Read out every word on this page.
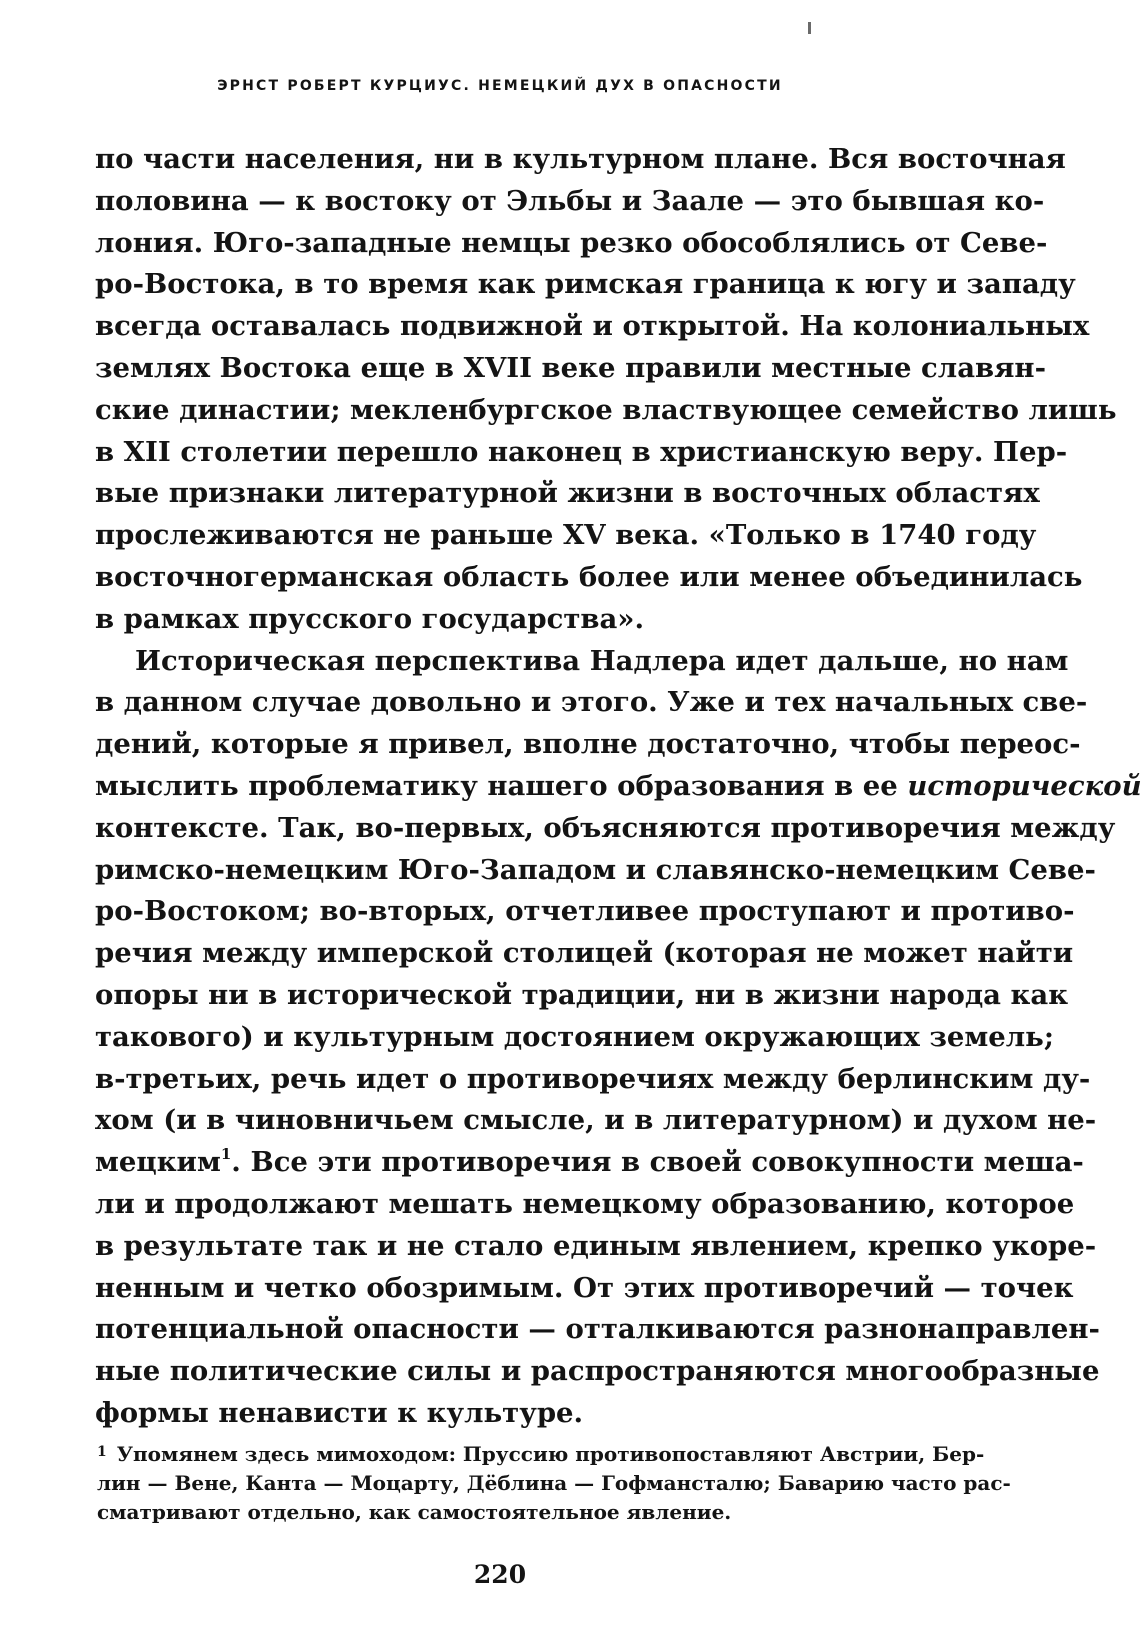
ЭРНСТ РОБЕРТ КУРЦИУС. НЕМЕЦКИЙ ДУХ В ОПАСНОСТИ
по части населения, ни в культурном плане. Вся восточная
половина — к востоку от Эльбы и Заале — это бывшая ко-
лония. Юго-западные немцы резко обособлялись от Севе-
ро-Востока, в то время как римская граница к югу и западу
всегда оставалась подвижной и открытой. На колониальных
землях Востока еще в XVII веке правили местные славян-
ские династии; мекленбургское властвующее семейство лишь
в XII столетии перешло наконец в христианскую веру. Пер-
вые признаки литературной жизни в восточных областях
прослеживаются не раньше XV века. «Только в 1740 году
восточногерманская область более или менее объединилась
в рамках прусского государства».
Историческая перспектива Надлера идет дальше, но нам
в данном случае довольно и этого. Уже и тех начальных све-
дений, которые я привел, вполне достаточно, чтобы переос-
мыслить проблематику нашего образования в ее исторической
контексте. Так, во-первых, объясняются противоречия между
римско-немецким Юго-Западом и славянско-немецким Севе-
ро-Востоком; во-вторых, отчетливее проступают и противо-
речия между имперской столицей (которая не может найти
опоры ни в исторической традиции, ни в жизни народа как
такового) и культурным достоянием окружающих земель;
в-третьих, речь идет о противоречиях между берлинским ду-
хом (и в чиновничьем смысле, и в литературном) и духом не-
мецким$^1$. Все эти противоречия в своей совокупности меша-
ли и продолжают мешать немецкому образованию, которое
в результате так и не стало единым явлением, крепко укоре-
ненным и четко обозримым. От этих противоречий — точек
потенциальной опасности — отталкиваются разнонаправлен-
ные политические силы и распространяются многообразные
формы ненависти к культуре.
$^1$ Упомянем здесь мимоходом: Пруссию противопоставляют Австрии, Бер-
лин — Вене, Канта — Моцарту, Дёблина — Гофмансталю; Баварию часто рас-
сматривают отдельно, как самостоятельное явление.
220
